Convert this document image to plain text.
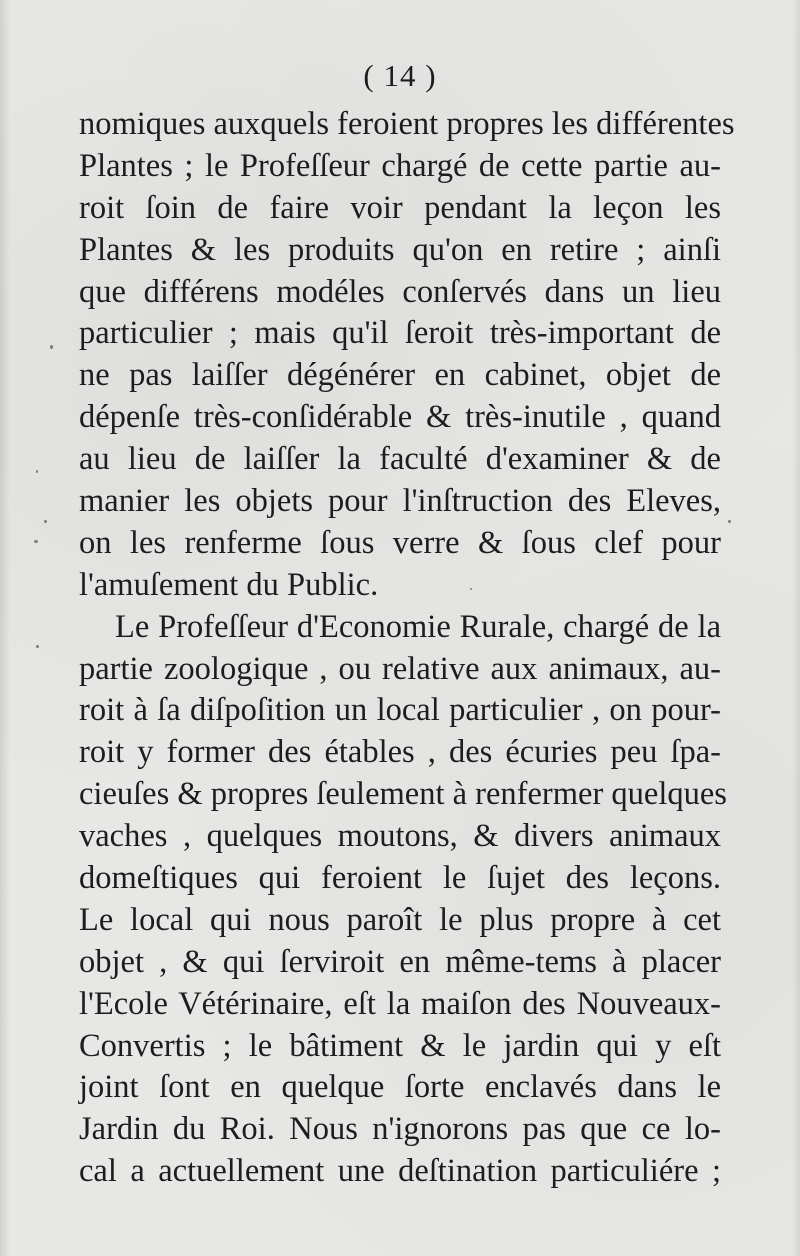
( 14 )
nomiques auxquels feroient propres les différentes
Plantes ; le Profeſſeur chargé de cette partie au-
roit ſoin de faire voir pendant la leçon les
Plantes & les produits qu'on en retire ; ainſi
que différens modéles conſervés dans un lieu
particulier ; mais qu'il ſeroit très-important de
ne pas laiſſer dégénérer en cabinet, objet de
dépenſe très-conſidérable & très-inutile , quand
au lieu de laiſſer la faculté d'examiner & de
manier les objets pour l'inſtruction des Eleves,
on les renferme ſous verre & ſous clef pour
l'amuſement du Public.
Le Profeſſeur d'Economie Rurale, chargé de la
partie zoologique , ou relative aux animaux, au-
roit à ſa diſpoſition un local particulier , on pour-
roit y former des étables , des écuries peu ſpa-
cieuſes & propres ſeulement à renfermer quelques
vaches , quelques moutons, & divers animaux
domeſtiques qui feroient le ſujet des leçons.
Le local qui nous paroît le plus propre à cet
objet , & qui ſerviroit en même-tems à placer
l'Ecole Vétérinaire, eſt la maiſon des Nouveaux-
Convertis ; le bâtiment & le jardin qui y eſt
joint ſont en quelque ſorte enclavés dans le
Jardin du Roi. Nous n'ignorons pas que ce lo-
cal a actuellement une deſtination particuliére ;
